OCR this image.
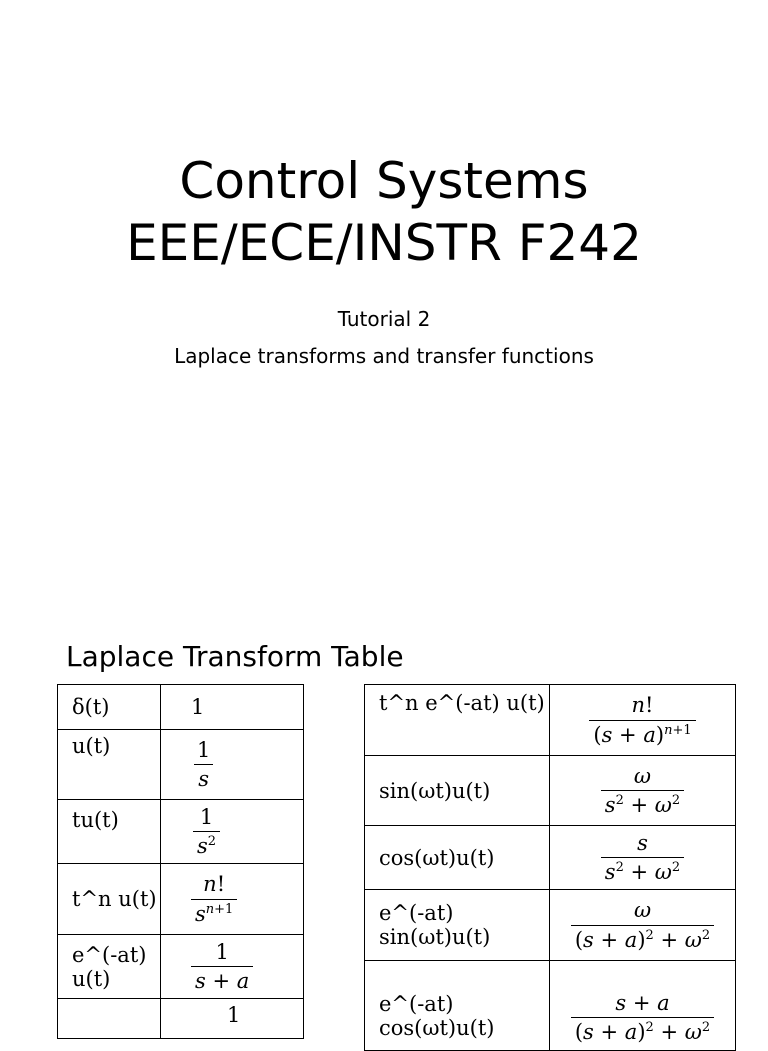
Control Systems
EEE/ECE/INSTR F242
Tutorial 2
Laplace transforms and transfer functions
Laplace Transform Table
δ(t)	1
u(t)	$\frac{1}{s}$

tu(t)	$\frac{1}{s^2}$

t^n u(t)	$\frac{n!}{s^{n+1}}$

e^(-at) u(t)	$\frac{1}{s + a}$

	1
t^n e^(-at) u(t)	$\frac{n!}{(s + a)^{n+1}}$

sin(ωt)u(t)	$\frac{\omega}{s^2 + \omega^2}$

cos(ωt)u(t)	$\frac{s}{s^2 + \omega^2}$

e^(-at) sin(ωt)u(t)	$\frac{\omega}{(s + a)^2 + \omega^2}$

e^(-at) cos(ωt)u(t)	$\frac{s + a}{(s + a)^2 + \omega^2}$
